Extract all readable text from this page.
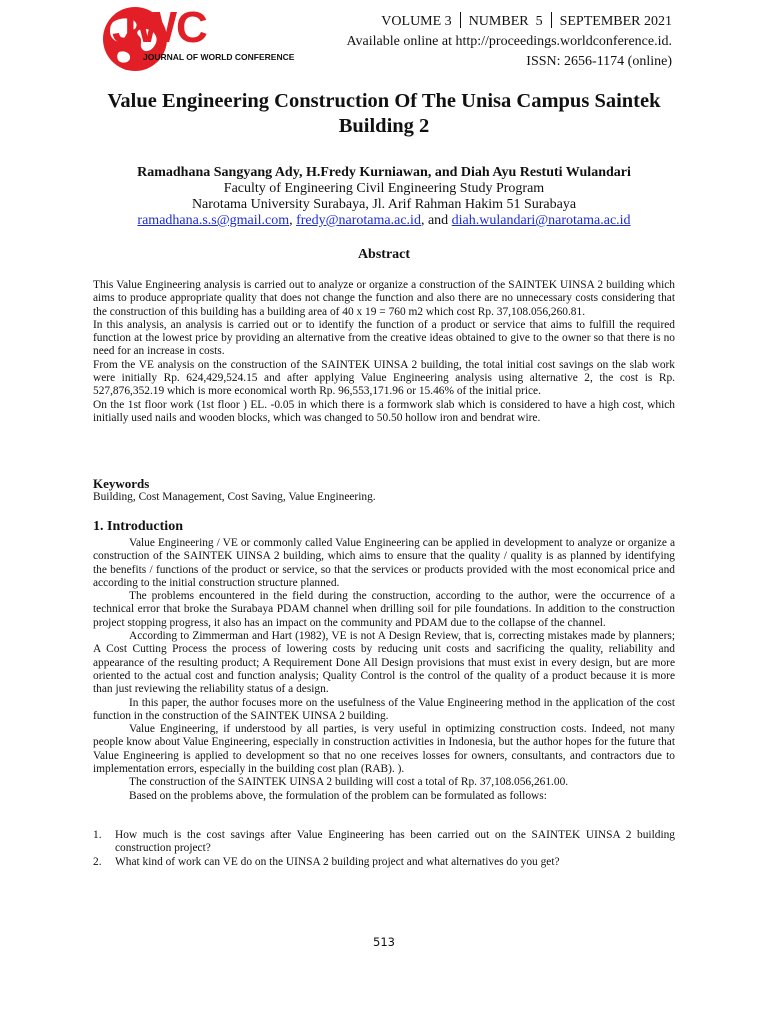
JWC
JOURNAL OF WORLD CONFERENCE
VOLUME 3 NUMBER  5 SEPTEMBER 2021
Available online at http://proceedings.worldconference.id.
ISSN: 2656-1174 (online)
Value Engineering Construction Of The Unisa Campus Saintek Building 2
Ramadhana Sangyang Ady, H.Fredy Kurniawan, and Diah Ayu Restuti Wulandari
Faculty of Engineering Civil Engineering Study Program
Narotama University Surabaya, Jl. Arif Rahman Hakim 51 Surabaya
ramadhana.s.s@gmail.com, fredy@narotama.ac.id, and diah.wulandari@narotama.ac.id
Abstract

This Value Engineering analysis is carried out to analyze or organize a construction of the SAINTEK UINSA 2 building which aims to produce appropriate quality that does not change the function and also there are no unnecessary costs considering that the construction of this building has a building area of 40 x 19 = 760 m2 which cost Rp. 37,108.056,260.81.

In this analysis, an analysis is carried out or to identify the function of a product or service that aims to fulfill the required function at the lowest price by providing an alternative from the creative ideas obtained to give to the owner so that there is no need for an increase in costs.

From the VE analysis on the construction of the SAINTEK UINSA 2 building, the total initial cost savings on the slab work were initially Rp. 624,429,524.15 and after applying Value Engineering analysis using alternative 2, the cost is Rp. 527,876,352.19 which is more economical worth Rp. 96,553,171.96 or 15.46% of the initial price.

On the 1st floor work (1st floor ) EL. -0.05 in which there is a formwork slab which is considered to have a high cost, which initially used nails and wooden blocks, which was changed to 50.50 hollow iron and bendrat wire.

Keywords
Building, Cost Management, Cost Saving, Value Engineering.
1. Introduction

Value Engineering / VE or commonly called Value Engineering can be applied in development to analyze or organize a construction of the SAINTEK UINSA 2 building, which aims to ensure that the quality / quality is as planned by identifying the benefits / functions of the product or service, so that the services or products provided with the most economical price and according to the initial construction structure planned.

The problems encountered in the field during the construction, according to the author, were the occurrence of a technical error that broke the Surabaya PDAM channel when drilling soil for pile foundations. In addition to the construction project stopping progress, it also has an impact on the community and PDAM due to the collapse of the channel.

According to Zimmerman and Hart (1982), VE is not A Design Review, that is, correcting mistakes made by planners; A Cost Cutting Process the process of lowering costs by reducing unit costs and sacrificing the quality, reliability and appearance of the resulting product; A Requirement Done All Design provisions that must exist in every design, but are more oriented to the actual cost and function analysis; Quality Control is the control of the quality of a product because it is more than just reviewing the reliability status of a design.

In this paper, the author focuses more on the usefulness of the Value Engineering method in the application of the cost function in the construction of the SAINTEK UINSA 2 building.

Value Engineering, if understood by all parties, is very useful in optimizing construction costs. Indeed, not many people know about Value Engineering, especially in construction activities in Indonesia, but the author hopes for the future that Value Engineering is applied to development so that no one receives losses for owners, consultants, and contractors due to implementation errors, especially in the building cost plan (RAB). ).

The construction of the SAINTEK UINSA 2 building will cost a total of Rp. 37,108.056,261.00.

Based on the problems above, the formulation of the problem can be formulated as follows:

1.	How much is the cost savings after Value Engineering has been carried out on the SAINTEK UINSA 2 building construction project?
2.	What kind of work can VE do on the UINSA 2 building project and what alternatives do you get?
513
